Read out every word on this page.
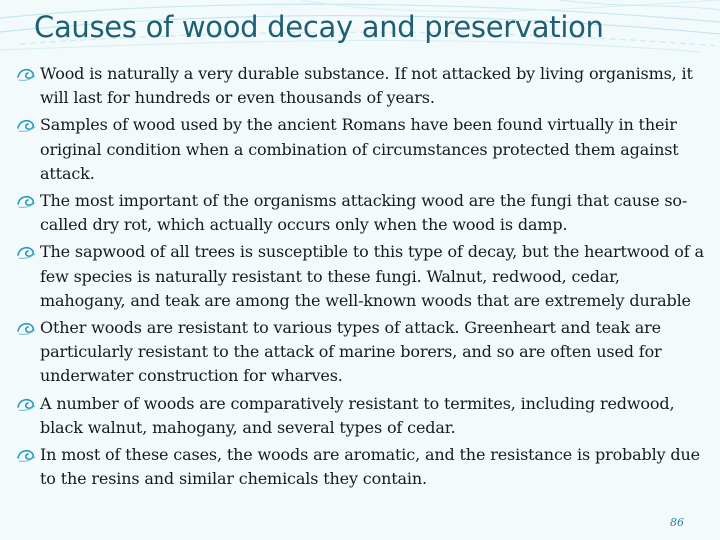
Causes of wood decay and preservation
Wood is naturally a very durable substance. If not attacked by living organisms, it will last for hundreds or even thousands of years.
Samples of wood used by the ancient Romans have been found virtually in their original condition when a combination of circumstances protected them against attack.
The most important of the organisms attacking wood are the fungi that cause so-called dry rot, which actually occurs only when the wood is damp.
The sapwood of all trees is susceptible to this type of decay, but the heartwood of a few species is naturally resistant to these fungi. Walnut, redwood, cedar, mahogany, and teak are among the well-known woods that are extremely durable
Other woods are resistant to various types of attack. Greenheart and teak are particularly resistant to the attack of marine borers, and so are often used for underwater construction for wharves.
A number of woods are comparatively resistant to termites, including redwood, black walnut, mahogany, and several types of cedar.
In most of these cases, the woods are aromatic, and the resistance is probably due to the resins and similar chemicals they contain.
86
